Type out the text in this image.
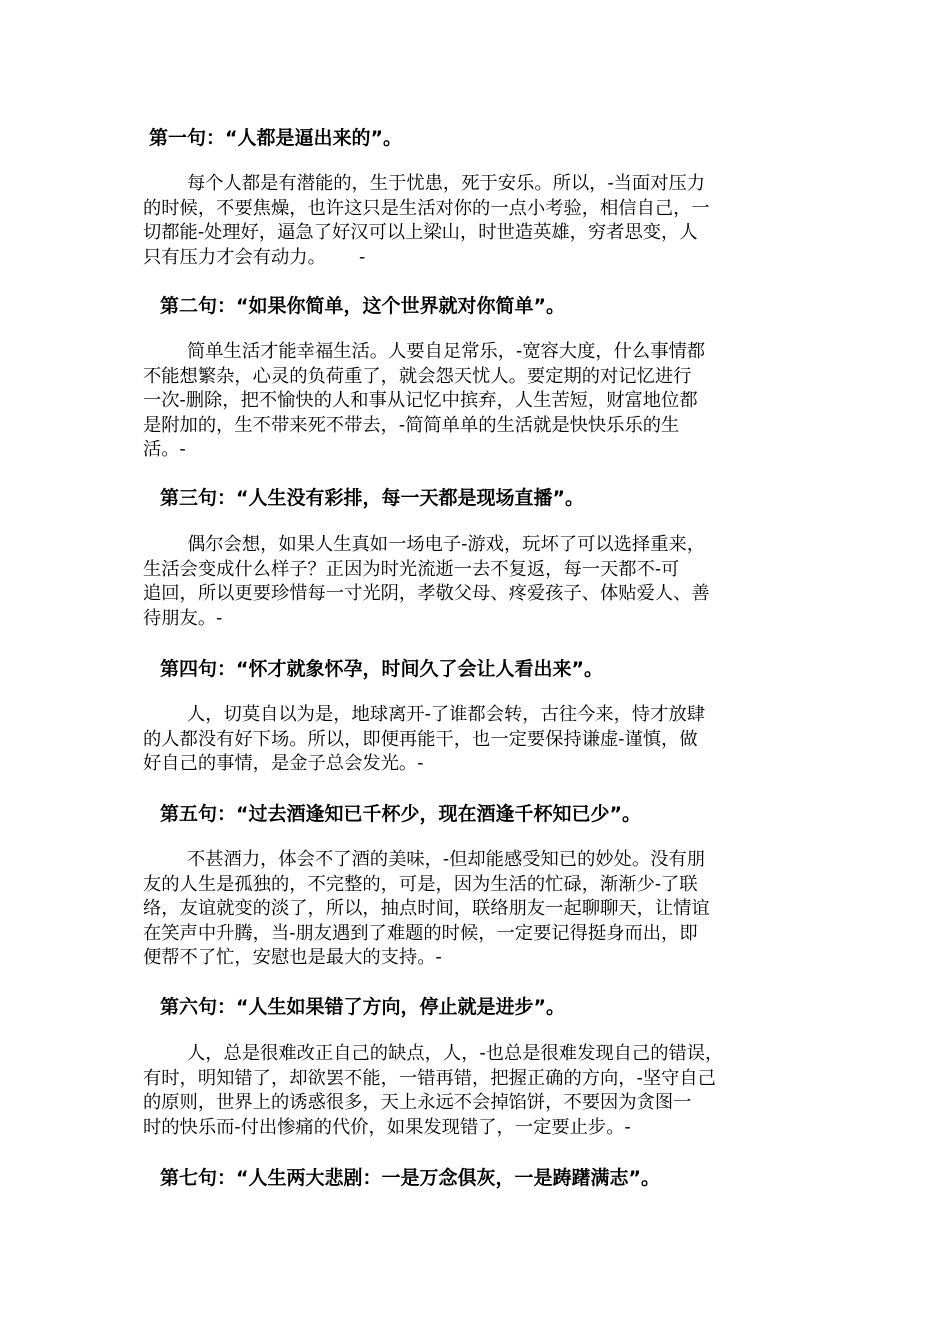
第一句：“人都是逼出来的”。
每个人都是有潜能的，生于忧患，死于安乐。所以，-当面对压力
的时候，不要焦燥，也许这只是生活对你的一点小考验，相信自己，一
切都能-处理好，逼急了好汉可以上梁山，时世造英雄，穷者思变，人
只有压力才会有动力。　　 -
第二句：“如果你简单，这个世界就对你简单”。
简单生活才能幸福生活。人要自足常乐，-宽容大度，什么事情都
不能想繁杂，心灵的负荷重了，就会怨天忧人。要定期的对记忆进行
一次-删除，把不愉快的人和事从记忆中摈弃，人生苦短，财富地位都
是附加的，生不带来死不带去，-简简单单的生活就是快快乐乐的生
活。-
第三句：“人生没有彩排，每一天都是现场直播”。
偶尔会想，如果人生真如一场电子-游戏，玩坏了可以选择重来，
生活会变成什么样子？正因为时光流逝一去不复返，每一天都不-可
追回，所以更要珍惜每一寸光阴，孝敬父母、疼爱孩子、体贴爱人、善
待朋友。-
第四句：“怀才就象怀孕，时间久了会让人看出来”。
人，切莫自以为是，地球离开-了谁都会转，古往今来，恃才放肆
的人都没有好下场。所以，即便再能干，也一定要保持谦虚-谨慎，做
好自己的事情，是金子总会发光。-
第五句：“过去酒逢知已千杯少，现在酒逢千杯知已少”。
不甚酒力，体会不了酒的美味，-但却能感受知已的妙处。没有朋
友的人生是孤独的，不完整的，可是，因为生活的忙碌，渐渐少-了联
络，友谊就变的淡了，所以，抽点时间，联络朋友一起聊聊天，让情谊
在笑声中升腾，当-朋友遇到了难题的时候，一定要记得挺身而出，即
便帮不了忙，安慰也是最大的支持。-
第六句：“人生如果错了方向，停止就是进步”。
人，总是很难改正自己的缺点，人，-也总是很难发现自己的错误，
有时，明知错了，却欲罢不能，一错再错，把握正确的方向，-坚守自己
的原则，世界上的诱惑很多，天上永远不会掉馅饼，不要因为贪图一
时的快乐而-付出惨痛的代价，如果发现错了，一定要止步。-
第七句：“人生两大悲剧：一是万念俱灰，一是踌躇满志”。
